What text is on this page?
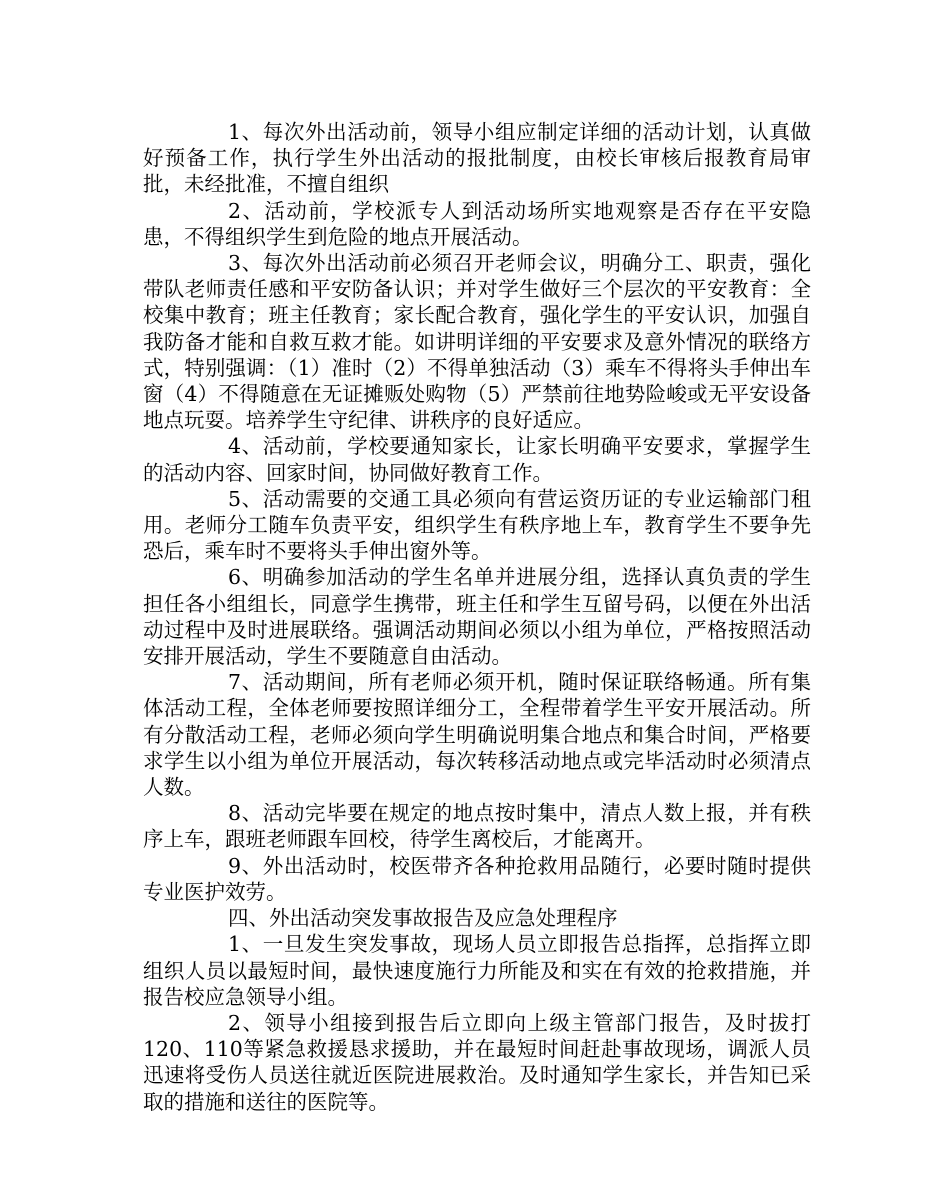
1、每次外出活动前，领导小组应制定详细的活动计划，认真做好预备工作，执行学生外出活动的报批制度，由校长审核后报教育局审批，未经批准，不擅自组织

2、活动前，学校派专人到活动场所实地观察是否存在平安隐患，不得组织学生到危险的地点开展活动。

3、每次外出活动前必须召开老师会议，明确分工、职责，强化带队老师责任感和平安防备认识；并对学生做好三个层次的平安教育：全校集中教育；班主任教育；家长配合教育，强化学生的平安认识，加强自我防备才能和自救互救才能。如讲明详细的平安要求及意外情况的联络方式，特别强调：（1）准时（2）不得单独活动（3）乘车不得将头手伸出车窗（4）不得随意在无证摊贩处购物（5）严禁前往地势险峻或无平安设备地点玩耍。培养学生守纪律、讲秩序的良好适应。

4、活动前，学校要通知家长，让家长明确平安要求，掌握学生的活动内容、回家时间，协同做好教育工作。

5、活动需要的交通工具必须向有营运资历证的专业运输部门租用。老师分工随车负责平安，组织学生有秩序地上车，教育学生不要争先恐后，乘车时不要将头手伸出窗外等。

6、明确参加活动的学生名单并进展分组，选择认真负责的学生担任各小组组长，同意学生携带，班主任和学生互留号码，以便在外出活动过程中及时进展联络。强调活动期间必须以小组为单位，严格按照活动安排开展活动，学生不要随意自由活动。

7、活动期间，所有老师必须开机，随时保证联络畅通。所有集体活动工程，全体老师要按照详细分工，全程带着学生平安开展活动。所有分散活动工程，老师必须向学生明确说明集合地点和集合时间，严格要求学生以小组为单位开展活动，每次转移活动地点或完毕活动时必须清点人数。

8、活动完毕要在规定的地点按时集中，清点人数上报，并有秩序上车，跟班老师跟车回校，待学生离校后，才能离开。

9、外出活动时，校医带齐各种抢救用品随行，必要时随时提供专业医护效劳。

四、外出活动突发事故报告及应急处理程序

1、一旦发生突发事故，现场人员立即报告总指挥，总指挥立即组织人员以最短时间，最快速度施行力所能及和实在有效的抢救措施，并报告校应急领导小组。

2、领导小组接到报告后立即向上级主管部门报告，及时拔打120、110等紧急救援恳求援助，并在最短时间赶赴事故现场，调派人员迅速将受伤人员送往就近医院进展救治。及时通知学生家长，并告知已采取的措施和送往的医院等。
